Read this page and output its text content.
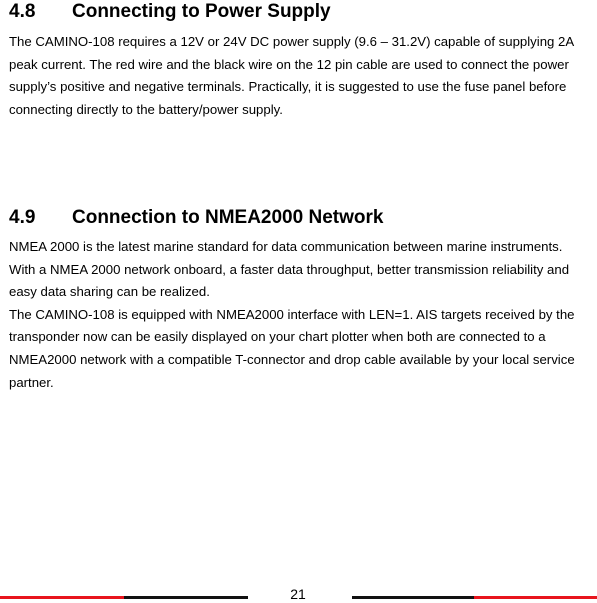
4.8	Connecting to Power Supply

The CAMINO-108 requires a 12V or 24V DC power supply (9.6 – 31.2V) capable of supplying 2A peak current. The red wire and the black wire on the 12 pin cable are used to connect the power supply’s positive and negative terminals. Practically, it is suggested to use the fuse panel before connecting directly to the battery/power supply.

4.9	Connection to NMEA2000 Network

NMEA 2000 is the latest marine standard for data communication between marine instruments. With a NMEA 2000 network onboard, a faster data throughput, better transmission reliability and easy data sharing can be realized.

The CAMINO-108 is equipped with NMEA2000 interface with LEN=1. AIS targets received by the transponder now can be easily displayed on your chart plotter when both are connected to a NMEA2000 network with a compatible T-connector and drop cable available by your local service partner.

21
